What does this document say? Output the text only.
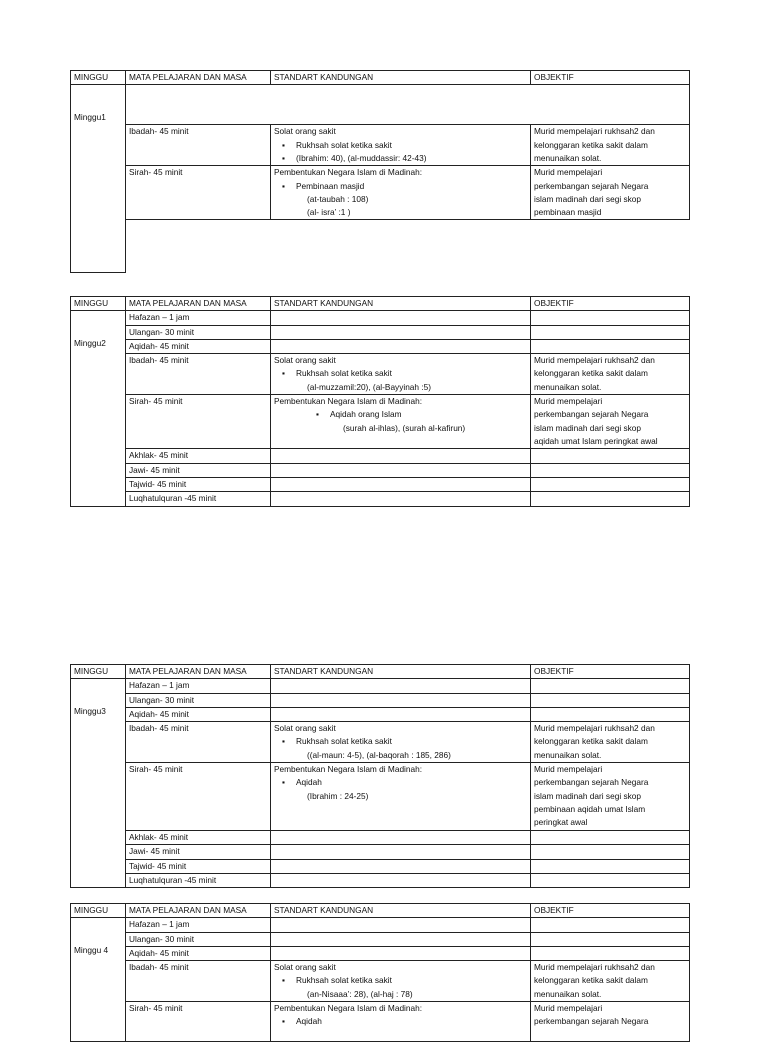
MINGGU	MATA PELAJARAN DAN MASA	STANDART KANDUNGAN	OBJEKTIF
Minggu1			
	Ibadah- 45 minit	Solat orang sakit
▪ Rukhsah solat ketika sakit
▪ (Ibrahim: 40), (al-muddassir: 42-43)	Murid mempelajari rukhsah2 dan
kelonggaran ketika sakit dalam
menunaikan solat.

	Sirah- 45 minit	Pembentukan Negara Islam di Madinah:
▪ Pembinaan masjid
(at-taubah : 108)
(al- isra’ :1 )	Murid mempelajari
perkembangan sejarah Negara
islam madinah dari segi skop
pembinaan masjid

MINGGU	MATA PELAJARAN DAN MASA	STANDART KANDUNGAN	OBJEKTIF
Minggu2	Hafazan – 1 jam		
	Ulangan- 30 minit		
	Aqidah- 45 minit		
	Ibadah- 45 minit	Solat orang sakit
▪ Rukhsah solat ketika sakit
(al-muzzamil:20), (al-Bayyinah :5)	Murid mempelajari rukhsah2 dan
kelonggaran ketika sakit dalam
menunaikan solat.

	Sirah- 45 minit	Pembentukan Negara Islam di Madinah:
▪ Aqidah orang Islam
(surah al-ihlas), (surah al-kafirun)	Murid mempelajari
perkembangan sejarah Negara
islam madinah dari segi skop
aqidah umat Islam peringkat awal

	Akhlak- 45 minit		
	Jawi- 45 minit		
	Tajwid- 45 minit		
	Luqhatulquran -45 minit		
MINGGU	MATA PELAJARAN DAN MASA	STANDART KANDUNGAN	OBJEKTIF
Minggu3	Hafazan – 1 jam		
	Ulangan- 30 minit		
	Aqidah- 45 minit		
	Ibadah- 45 minit	Solat orang sakit
▪ Rukhsah solat ketika sakit
((al-maun: 4-5), (al-baqorah : 185, 286)	Murid mempelajari rukhsah2 dan
kelonggaran ketika sakit dalam
menunaikan solat.

	Sirah- 45 minit	Pembentukan Negara Islam di Madinah:
▪ Aqidah
(Ibrahim : 24-25)	Murid mempelajari
perkembangan sejarah Negara
islam madinah dari segi skop
pembinaan aqidah umat Islam
peringkat awal

	Akhlak- 45 minit		
	Jawi- 45 minit		
	Tajwid- 45 minit		
	Luqhatulquran -45 minit		
MINGGU	MATA PELAJARAN DAN MASA	STANDART KANDUNGAN	OBJEKTIF
Minggu 4	Hafazan – 1 jam		
	Ulangan- 30 minit		
	Aqidah- 45 minit		
	Ibadah- 45 minit	Solat orang sakit
▪ Rukhsah solat ketika sakit
(an-Nisaaa’: 28), (al-haj : 78)	Murid mempelajari rukhsah2 dan
kelonggaran ketika sakit dalam
menunaikan solat.

	Sirah- 45 minit	Pembentukan Negara Islam di Madinah:
▪ Aqidah	Murid mempelajari
perkembangan sejarah Negara
